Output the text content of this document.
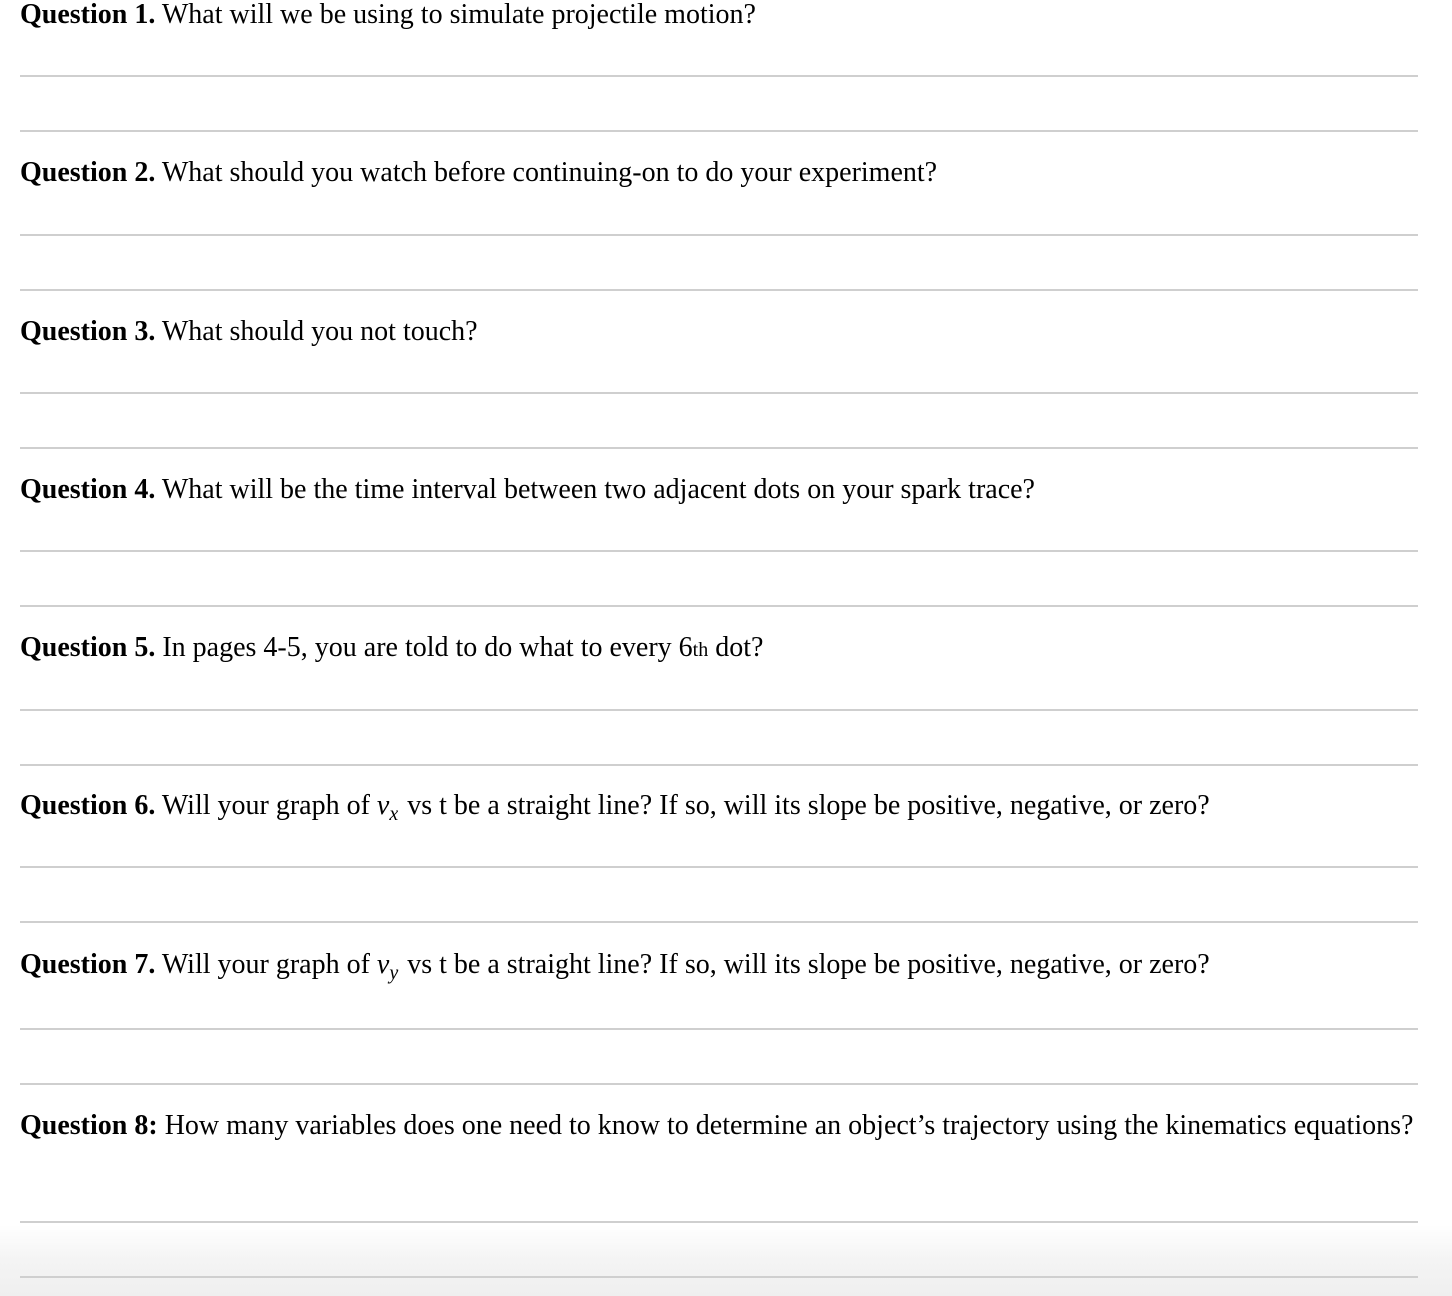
Question 1. What will we be using to simulate projectile motion?

Question 2. What should you watch before continuing-on to do your experiment?

Question 3. What should you not touch?

Question 4. What will be the time interval between two adjacent dots on your spark trace?

Question 5. In pages 4-5, you are told to do what to every 6th dot?

Question 6. Will your graph of $v_x$ vs t be a straight line? If so, will its slope be positive, negative, or zero?

Question 7. Will your graph of $v_y$ vs t be a straight line? If so, will its slope be positive, negative, or zero?

Question 8: How many variables does one need to know to determine an object’s trajectory using the kinematics equations?
